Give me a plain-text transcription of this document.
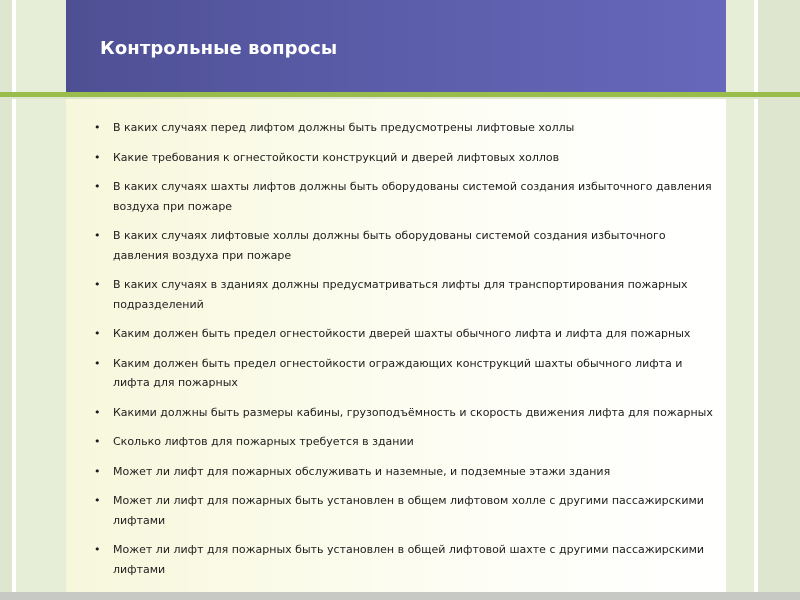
Контрольные вопросы
• В каких случаях перед лифтом должны быть предусмотрены лифтовые холлы
• Какие требования к огнестойкости конструкций и дверей лифтовых холлов
• В каких случаях шахты лифтов должны быть оборудованы системой создания избыточного давления воздуха при пожаре
• В каких случаях лифтовые холлы должны быть оборудованы системой создания избыточного давления воздуха при пожаре
• В каких случаях в зданиях должны предусматриваться лифты для транспортирования пожарных подразделений
• Каким должен быть предел огнестойкости дверей шахты обычного лифта и лифта для пожарных
• Каким должен быть предел огнестойкости ограждающих конструкций шахты обычного лифта и лифта для пожарных
• Какими должны быть размеры кабины, грузоподъёмность и скорость движения лифта для пожарных
• Сколько лифтов для пожарных требуется в здании
• Может ли лифт для пожарных обслуживать и наземные, и подземные этажи здания
• Может ли лифт для пожарных быть установлен в общем лифтовом холле с другими пассажирскими лифтами
• Может ли лифт для пожарных быть установлен в общей лифтовой шахте с другими пассажирскими лифтами
